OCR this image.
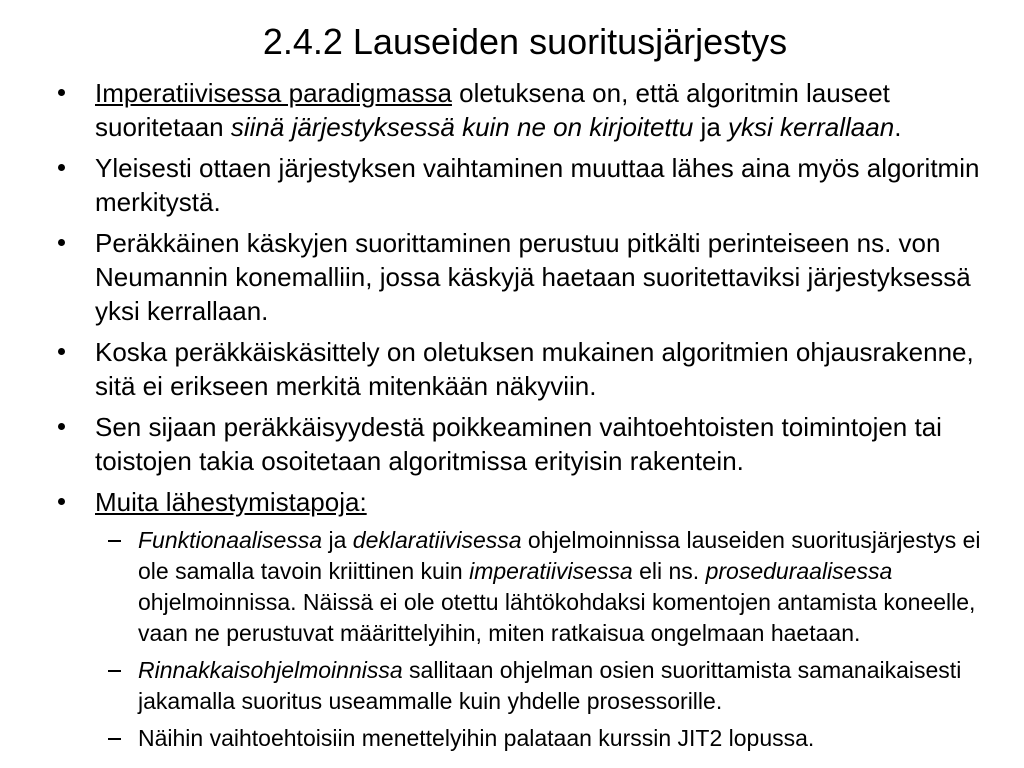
2.4.2 Lauseiden suoritusjärjestys
Imperatiivisessa paradigmassa oletuksena on, että algoritmin lauseet suoritetaan siinä järjestyksessä kuin ne on kirjoitettu ja yksi kerrallaan.
Yleisesti ottaen järjestyksen vaihtaminen muuttaa lähes aina myös algoritmin merkitystä.
Peräkkäinen käskyjen suorittaminen perustuu pitkälti perinteiseen ns. von Neumannin konemalliin, jossa käskyjä haetaan suoritettaviksi järjestyksessä yksi kerrallaan.
Koska peräkkäiskäsittely on oletuksen mukainen algoritmien ohjausrakenne, sitä ei erikseen merkitä mitenkään näkyviin.
Sen sijaan peräkkäisyydestä poikkeaminen vaihtoehtoisten toimintojen tai toistojen takia osoitetaan algoritmissa erityisin rakentein.
Muita lähestymistapoja:
Funktionaalisessa ja deklaratiivisessa ohjelmoinnissa lauseiden suoritusjärjestys ei ole samalla tavoin kriittinen kuin imperatiivisessa eli ns. proseduraalisessa ohjelmoinnissa. Näissä ei ole otettu lähtökohdaksi komentojen antamista koneelle, vaan ne perustuvat määrittelyihin, miten ratkaisua ongelmaan haetaan.
Rinnakkaisohjelmoinnissa sallitaan ohjelman osien suorittamista samanaikaisesti jakamalla suoritus useammalle kuin yhdelle prosessorille.
Näihin vaihtoehtoisiin menettelyihin palataan kurssin JIT2 lopussa.
